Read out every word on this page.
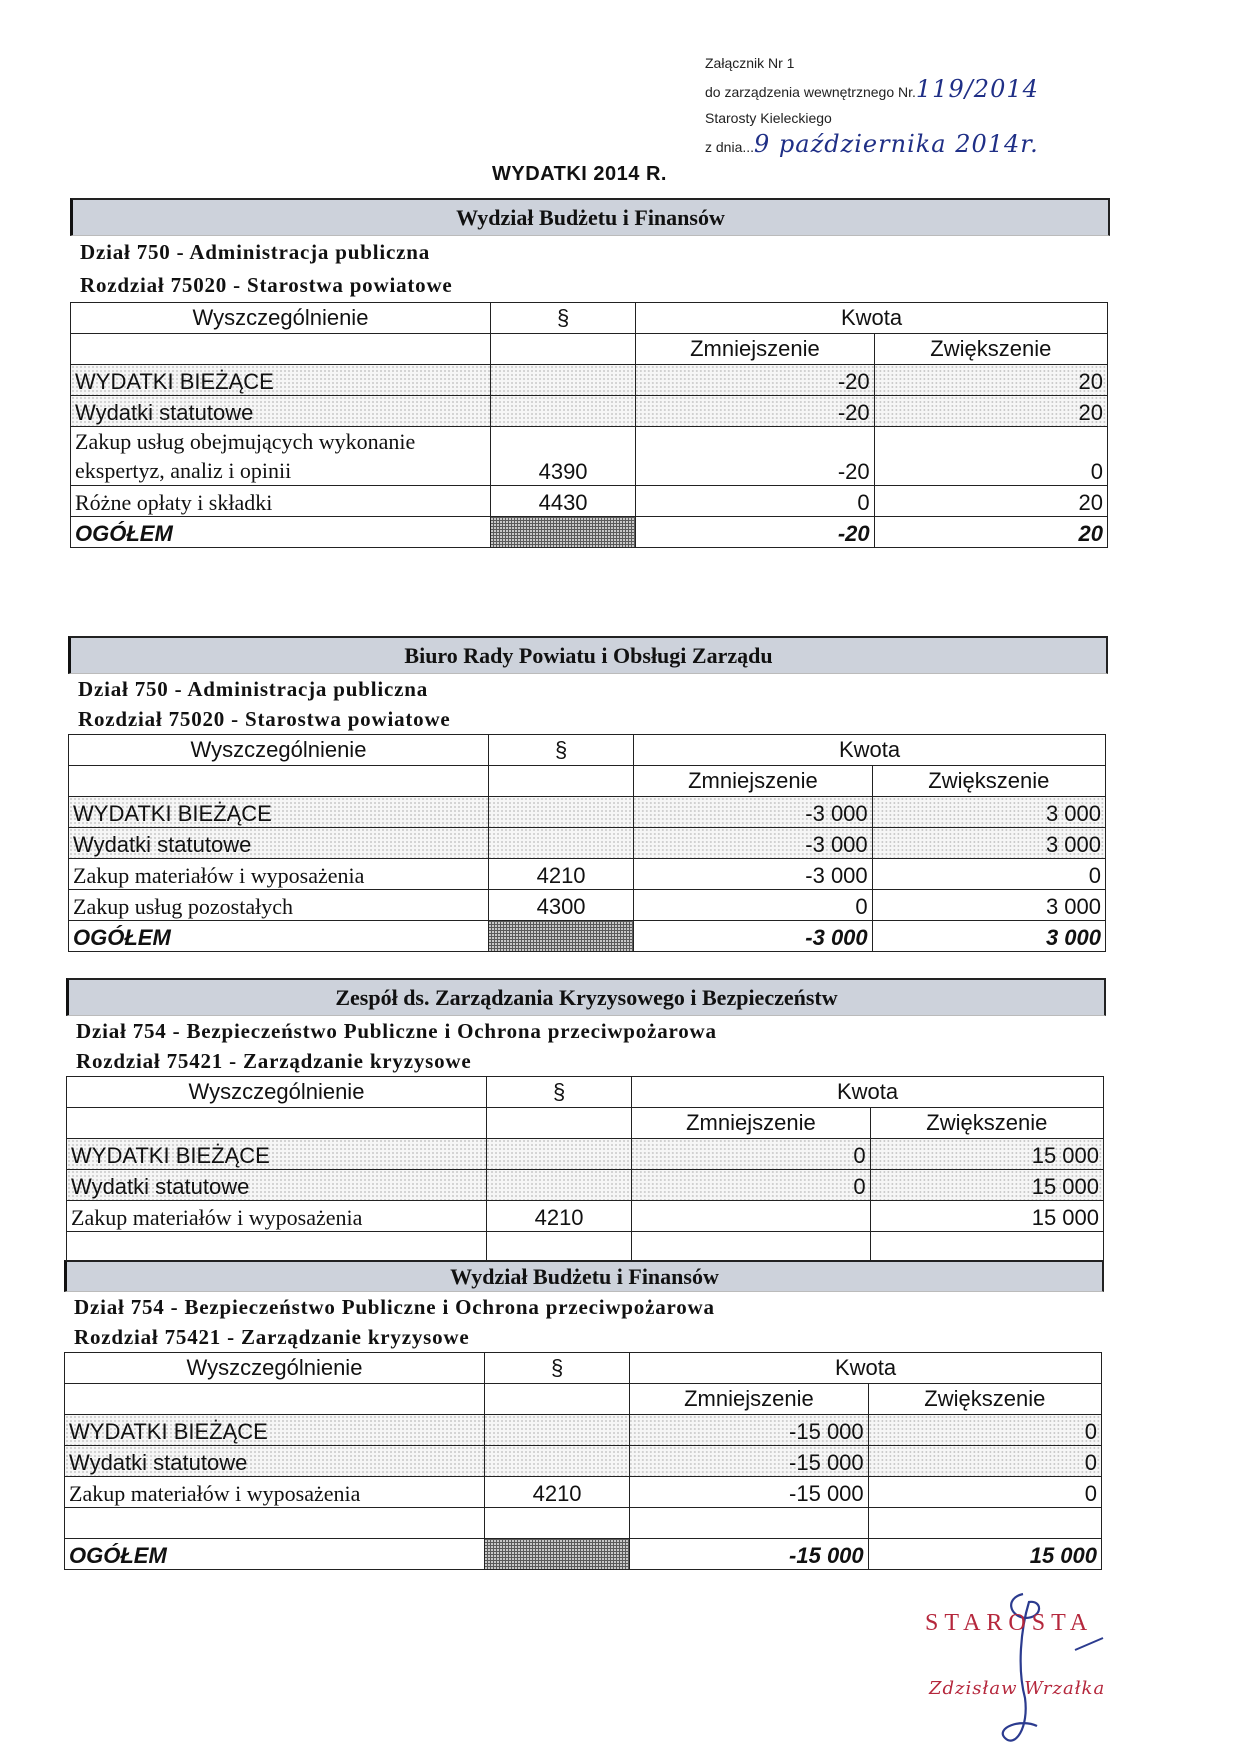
Załącznik Nr 1
do zarządzenia wewnętrznego Nr.119/2014
Starosty Kieleckiego
z dnia...9 października 2014r.
WYDATKI 2014 R.
Wydział Budżetu i Finansów
Dział 750 - Administracja publiczna
Rozdział 75020 - Starostwa powiatowe
Wyszczególnienie	§	Kwota	
		Zmniejszenie	Zwiększenie
WYDATKI BIEŻĄCE		-20	20
Wydatki statutowe		-20	20

Zakup usług obejmujących wykonanie ekspertyz, analiz i opinii	4390	-20	0
Różne opłaty i składki	4430	0	20
OGÓŁEM		-20	20
Biuro Rady Powiatu i Obsługi Zarządu
Dział 750 - Administracja publiczna
Rozdział 75020 - Starostwa powiatowe
Wyszczególnienie	§	Kwota	
		Zmniejszenie	Zwiększenie
WYDATKI BIEŻĄCE		-3 000	3 000
Wydatki statutowe		-3 000	3 000
Zakup materiałów i wyposażenia	4210	-3 000	0
Zakup usług pozostałych	4300	0	3 000
OGÓŁEM		-3 000	3 000
Zespół ds. Zarządzania Kryzysowego i Bezpieczeństw
Dział 754 - Bezpieczeństwo Publiczne i Ochrona przeciwpożarowa
Rozdział 75421 - Zarządzanie kryzysowe
Wyszczególnienie	§	Kwota	
		Zmniejszenie	Zwiększenie
WYDATKI BIEŻĄCE		0	15 000
Wydatki statutowe		0	15 000
Zakup materiałów i wyposażenia	4210		15 000

Wydział Budżetu i Finansów
Dział 754 - Bezpieczeństwo Publiczne i Ochrona przeciwpożarowa
Rozdział 75421 - Zarządzanie kryzysowe
Wyszczególnienie	§	Kwota	
		Zmniejszenie	Zwiększenie
WYDATKI BIEŻĄCE		-15 000	0
Wydatki statutowe		-15 000	0
Zakup materiałów i wyposażenia	4210	-15 000	0

OGÓŁEM		-15 000	15 000
STAROSTA
Zdzisław Wrzałka
